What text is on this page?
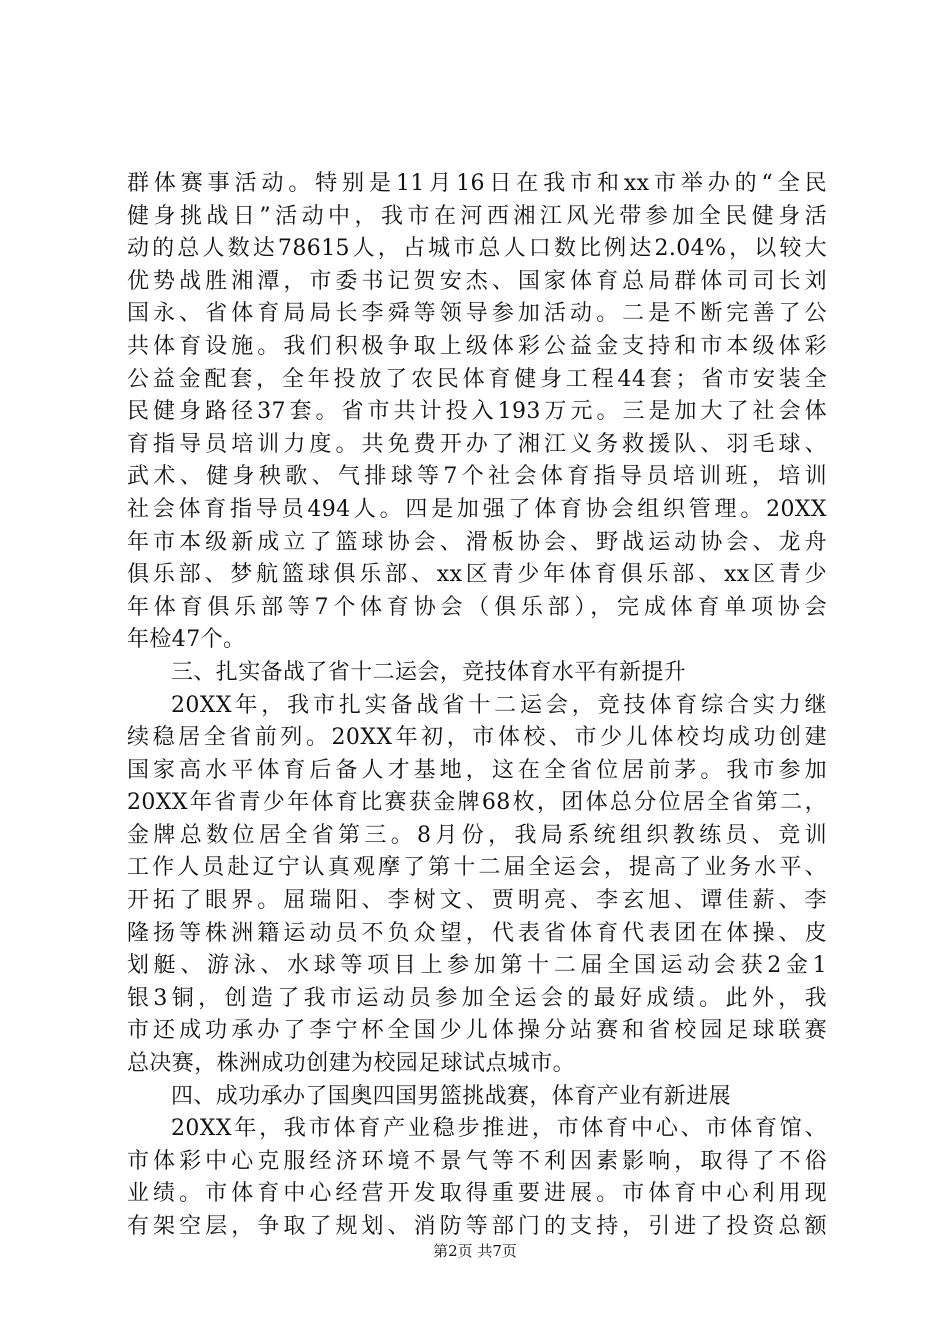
群体赛事活动。特别是11月16日在我市和xx市举办的“全民
健身挑战日”活动中，我市在河西湘江风光带参加全民健身活
动的总人数达78615人，占城市总人口数比例达2.04%，以较大
优势战胜湘潭，市委书记贺安杰、国家体育总局群体司司长刘
国永、省体育局局长李舜等领导参加活动。二是不断完善了公
共体育设施。我们积极争取上级体彩公益金支持和市本级体彩
公益金配套，全年投放了农民体育健身工程44套；省市安装全
民健身路径37套。省市共计投入193万元。三是加大了社会体
育指导员培训力度。共免费开办了湘江义务救援队、羽毛球、
武术、健身秧歌、气排球等7个社会体育指导员培训班，培训
社会体育指导员494人。四是加强了体育协会组织管理。20XX
年市本级新成立了篮球协会、滑板协会、野战运动协会、龙舟
俱乐部、梦航篮球俱乐部、xx区青少年体育俱乐部、xx区青少
年体育俱乐部等7个体育协会（俱乐部），完成体育单项协会
年检47个。
三、扎实备战了省十二运会，竞技体育水平有新提升
20XX年，我市扎实备战省十二运会，竞技体育综合实力继
续稳居全省前列。20XX年初，市体校、市少儿体校均成功创建
国家高水平体育后备人才基地，这在全省位居前茅。我市参加
20XX年省青少年体育比赛获金牌68枚，团体总分位居全省第二，
金牌总数位居全省第三。8月份，我局系统组织教练员、竞训
工作人员赴辽宁认真观摩了第十二届全运会，提高了业务水平、
开拓了眼界。屈瑞阳、李树文、贾明亮、李玄旭、谭佳薪、李
隆扬等株洲籍运动员不负众望，代表省体育代表团在体操、皮
划艇、游泳、水球等项目上参加第十二届全国运动会获2金1
银3铜，创造了我市运动员参加全运会的最好成绩。此外，我
市还成功承办了李宁杯全国少儿体操分站赛和省校园足球联赛
总决赛，株洲成功创建为校园足球试点城市。
四、成功承办了国奥四国男篮挑战赛，体育产业有新进展
20XX年，我市体育产业稳步推进，市体育中心、市体育馆、
市体彩中心克服经济环境不景气等不利因素影响，取得了不俗
业绩。市体育中心经营开发取得重要进展。市体育中心利用现
有架空层，争取了规划、消防等部门的支持，引进了投资总额
第2页 共7页
